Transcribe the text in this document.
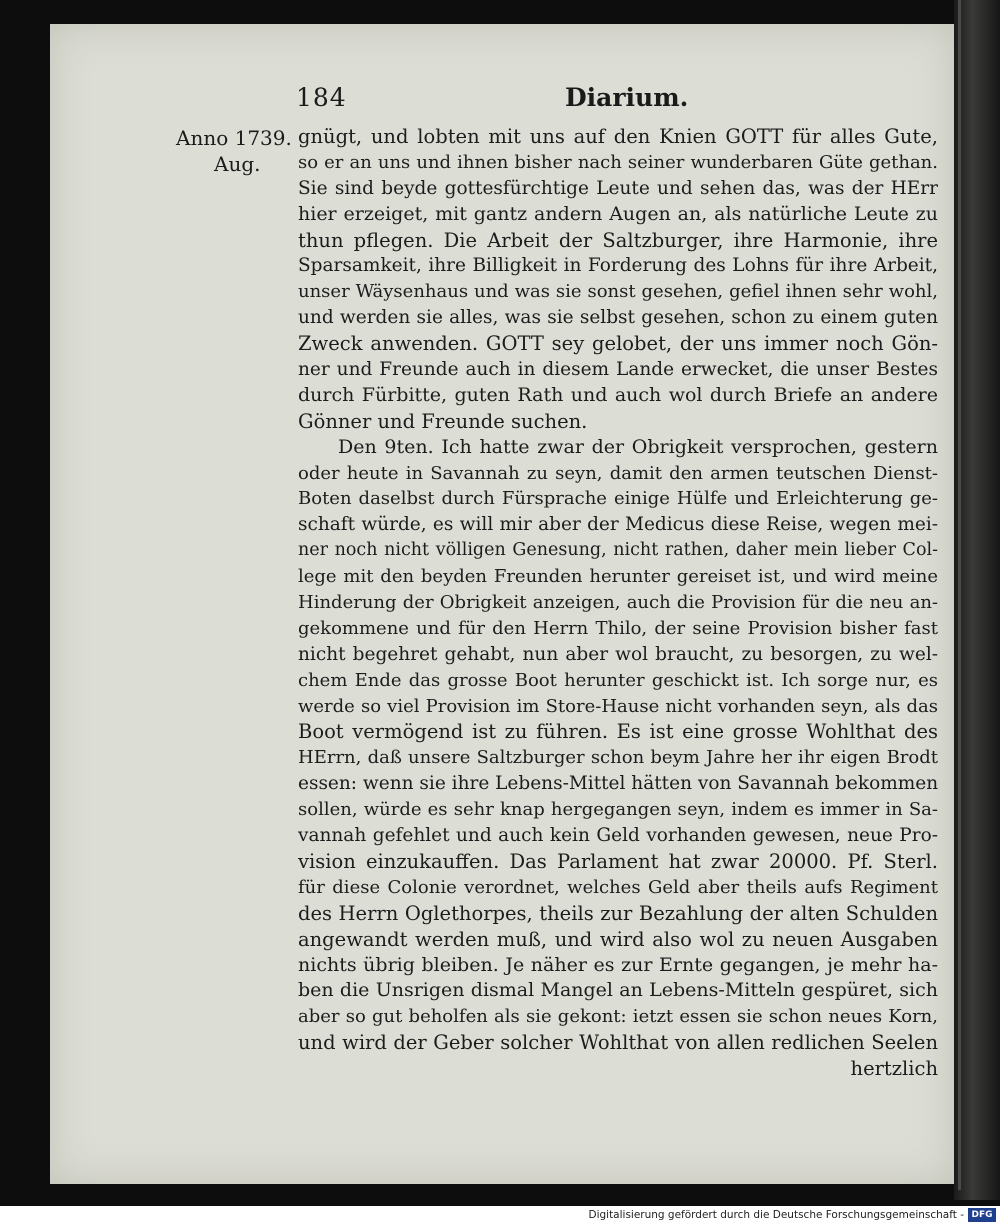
184	Diarium.
Anno 1739.
Aug.
gnügt, und lobten mit uns auf den Knien GOTT für alles Gute,
so er an uns und ihnen bisher nach seiner wunderbaren Güte gethan.
Sie sind beyde gottesfürchtige Leute und sehen das, was der HErr
hier erzeiget, mit gantz andern Augen an, als natürliche Leute zu
thun pflegen. Die Arbeit der Saltzburger, ihre Harmonie, ihre
Sparsamkeit, ihre Billigkeit in Forderung des Lohns für ihre Arbeit,
unser Wäysenhaus und was sie sonst gesehen, gefiel ihnen sehr wohl,
und werden sie alles, was sie selbst gesehen, schon zu einem guten
Zweck anwenden. GOTT sey gelobet, der uns immer noch Gön-
ner und Freunde auch in diesem Lande erwecket, die unser Bestes
durch Fürbitte, guten Rath und auch wol durch Briefe an andere
Gönner und Freunde suchen.
Den 9ten. Ich hatte zwar der Obrigkeit versprochen, gestern
oder heute in Savannah zu seyn, damit den armen teutschen Dienst-
Boten daselbst durch Fürsprache einige Hülfe und Erleichterung ge-
schaft würde, es will mir aber der Medicus diese Reise, wegen mei-
ner noch nicht völligen Genesung, nicht rathen, daher mein lieber Col-
lege mit den beyden Freunden herunter gereiset ist, und wird meine
Hinderung der Obrigkeit anzeigen, auch die Provision für die neu an-
gekommene und für den Herrn Thilo, der seine Provision bisher fast
nicht begehret gehabt, nun aber wol braucht, zu besorgen, zu wel-
chem Ende das grosse Boot herunter geschickt ist. Ich sorge nur, es
werde so viel Provision im Store-Hause nicht vorhanden seyn, als das
Boot vermögend ist zu führen. Es ist eine grosse Wohlthat des
HErrn, daß unsere Saltzburger schon beym Jahre her ihr eigen Brodt
essen: wenn sie ihre Lebens-Mittel hätten von Savannah bekommen
sollen, würde es sehr knap hergegangen seyn, indem es immer in Sa-
vannah gefehlet und auch kein Geld vorhanden gewesen, neue Pro-
vision einzukauffen. Das Parlament hat zwar 20000. Pf. Sterl.
für diese Colonie verordnet, welches Geld aber theils aufs Regiment
des Herrn Oglethorpes, theils zur Bezahlung der alten Schulden
angewandt werden muß, und wird also wol zu neuen Ausgaben
nichts übrig bleiben. Je näher es zur Ernte gegangen, je mehr ha-
ben die Unsrigen dismal Mangel an Lebens-Mitteln gespüret, sich
aber so gut beholfen als sie gekont: ietzt essen sie schon neues Korn,
und wird der Geber solcher Wohlthat von allen redlichen Seelen
hertzlich
Digitalisierung gefördert durch die Deutsche Forschungsgemeinschaft - DFG
